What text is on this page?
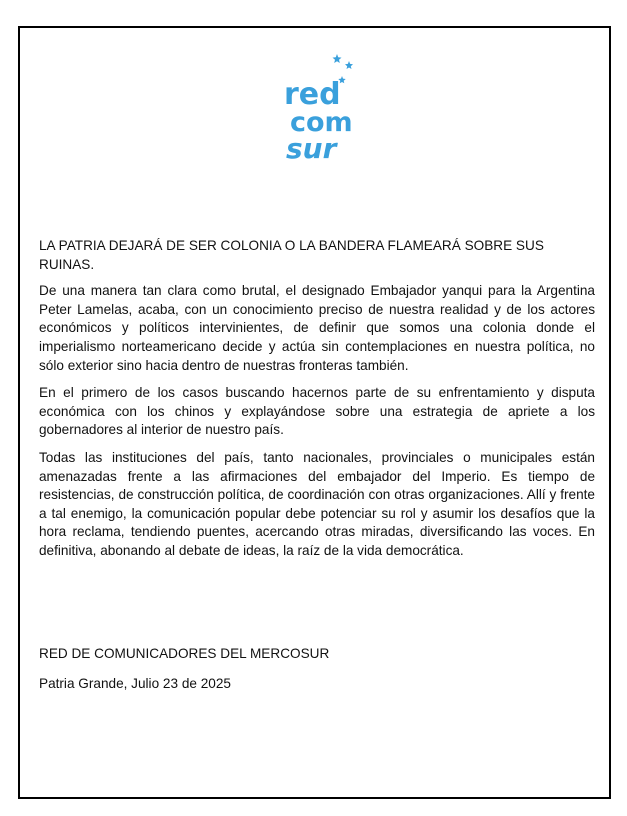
red
com
sur

LA PATRIA DEJARÁ DE SER COLONIA O LA BANDERA FLAMEARÁ SOBRE SUS RUINAS.

De una manera tan clara como brutal, el designado Embajador yanqui para la Argentina Peter Lamelas, acaba, con un conocimiento preciso de nuestra realidad y de los actores económicos y políticos intervinientes, de definir que somos una colonia donde el imperialismo norteamericano decide y actúa sin contemplaciones en nuestra política, no sólo exterior sino hacia dentro de nuestras fronteras también.

En el primero de los casos buscando hacernos parte de su enfrentamiento y disputa económica con los chinos y explayándose sobre una estrategia de apriete a los gobernadores al interior de nuestro país.

Todas las instituciones del país, tanto nacionales, provinciales o municipales están amenazadas frente a las afirmaciones del embajador del Imperio. Es tiempo de resistencias, de construcción política, de coordinación con otras organizaciones. Allí y frente a tal enemigo, la comunicación popular debe potenciar su rol y asumir los desafíos que la hora reclama, tendiendo puentes, acercando otras miradas, diversificando las voces. En definitiva, abonando al debate de ideas, la raíz de la vida democrática.

RED DE COMUNICADORES DEL MERCOSUR
Patria Grande, Julio 23 de 2025
